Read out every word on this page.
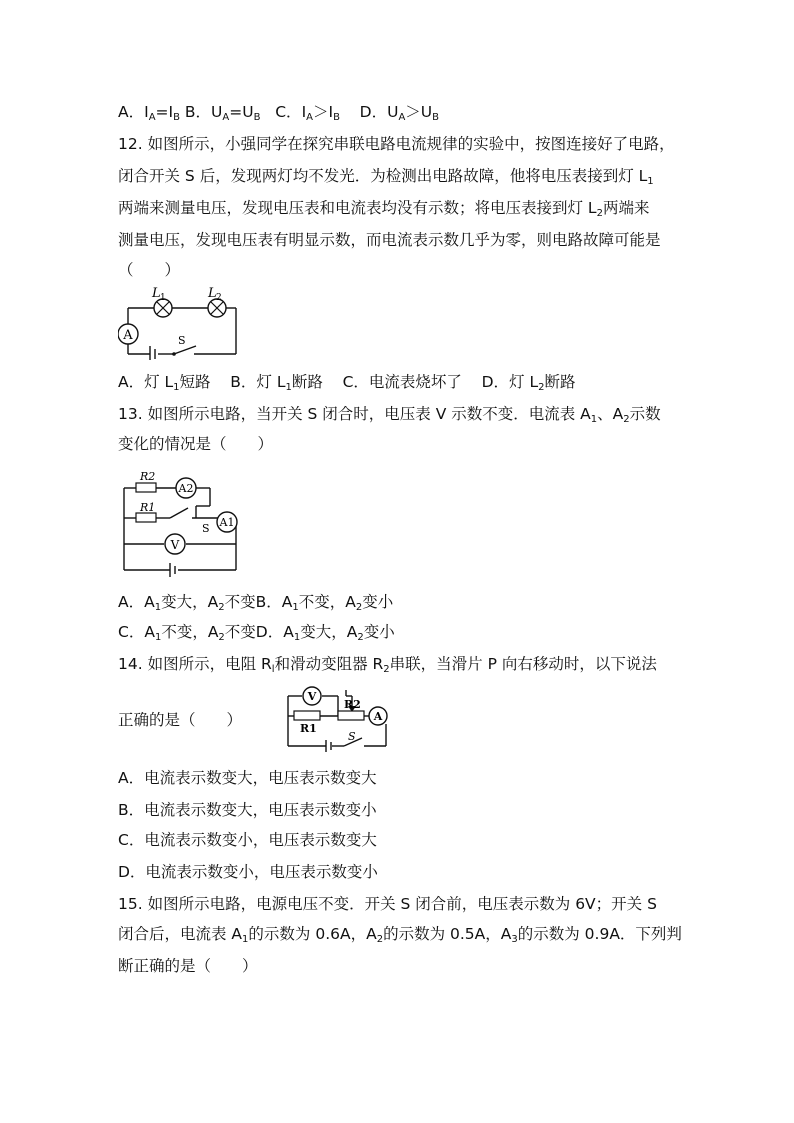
A．$I_A=I_B$ B．$U_A=U_B$   C．$I_A>I_B$    D．$U_A>U_B$
12. 如图所示，小强同学在探究串联电路电流规律的实验中，按图连接好了电路，
闭合开关 S 后，发现两灯均不发光．为检测出电路故障，他将电压表接到灯 $L_1$
两端来测量电压，发现电压表和电流表均没有示数；将电压表接到灯 $L_2$两端来
测量电压，发现电压表有明显示数，而电流表示数几乎为零，则电路故障可能是
（　　）
A
L 1	L 2
S
A．灯 $L_1$短路    B．灯 $L_1$断路    C．电流表烧坏了    D．灯 $L_2$断路
13. 如图所示电路，当开关 S 闭合时，电压表 V 示数不变．电流表 $A_1$、$A_2$示数
变化的情况是（　　）
R2
R1
A2
A1
V
S
A．$A_1$变大，$A_2$不变B．$A_1$不变，$A_2$变小
C．$A_1$不变，$A_2$不变D．$A_1$变大，$A_2$变小
14. 如图所示，电阻 $R_l$和滑动变阻器 $R_2$串联，当滑片 P 向右移动时，以下说法
正确的是（　　）
V
R1
R2
A
S
A．电流表示数变大，电压表示数变大
B．电流表示数变大，电压表示数变小
C．电流表示数变小，电压表示数变大
D．电流表示数变小，电压表示数变小
15. 如图所示电路，电源电压不变．开关 S 闭合前，电压表示数为 6V；开关 S
闭合后，电流表 $A_1$的示数为 0.6A，$A_2$的示数为 0.5A，$A_3$的示数为 0.9A．下列判
断正确的是（　　）
